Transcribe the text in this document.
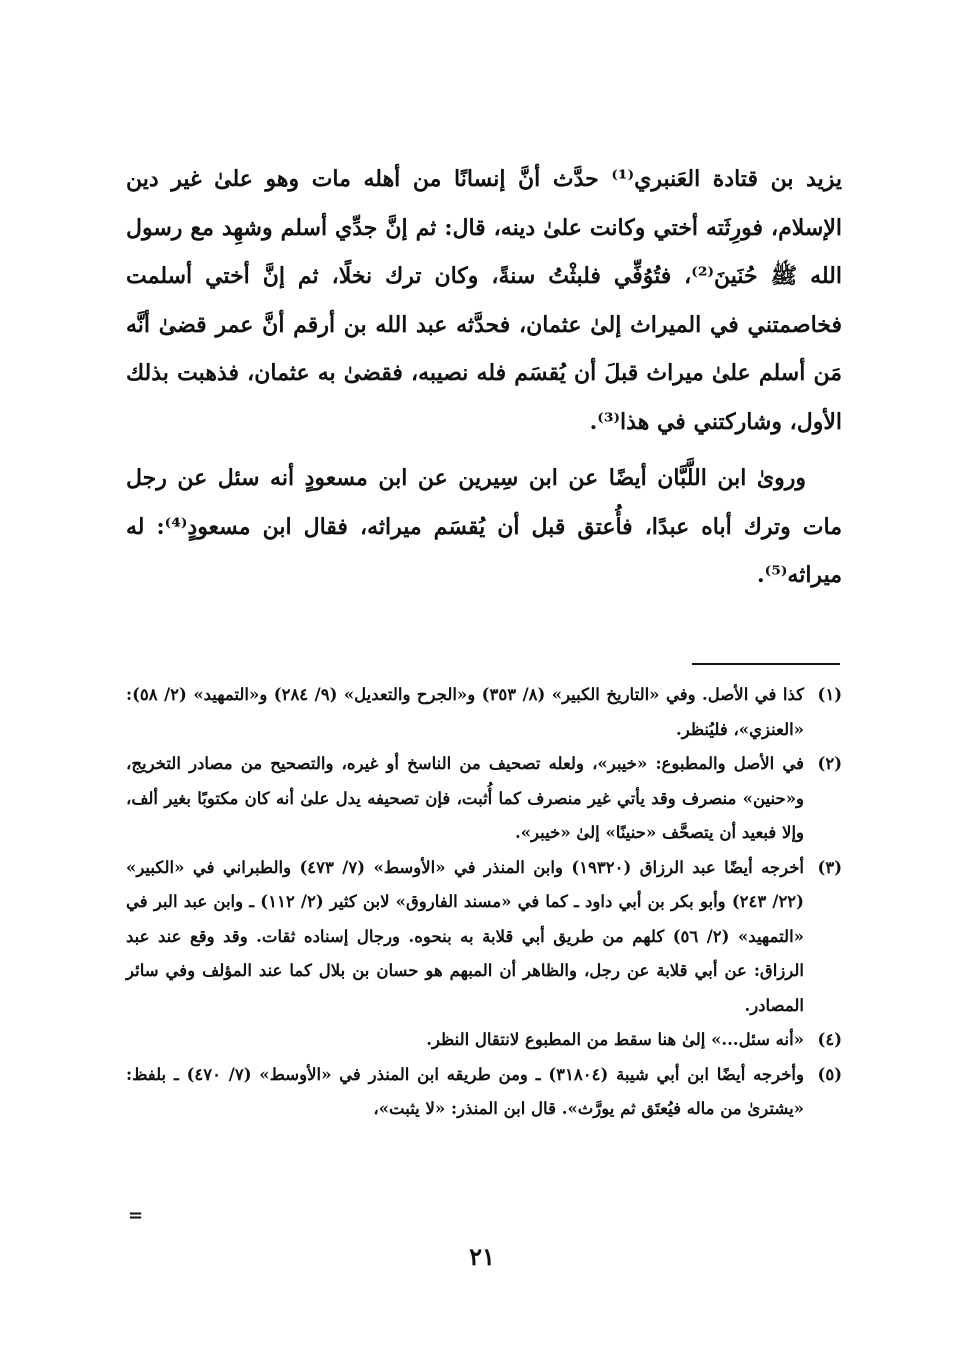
يزيد بن قتادة العَنبري⁽¹⁾ حدَّث أنَّ إنسانًا من أهله مات وهو علىٰ غير دين الإسلام، فورِثَته أختي وكانت علىٰ دينه، قال: ثم إنَّ جدِّي أسلم وشهِد مع رسول الله ﷺ حُنَينَ⁽²⁾، فتُوُفِّي فلبثْتُ سنةً، وكان ترك نخلًا، ثم إنَّ أختي أسلمت فخاصمتني في الميراث إلىٰ عثمان، فحدَّثه عبد الله بن أرقم أنَّ عمر قضىٰ أنَّه مَن أسلم علىٰ ميراث قبلَ أن يُقسَم فله نصيبه، فقضىٰ به عثمان، فذهبت بذلك الأول، وشاركتني في هذا⁽³⁾.

وروىٰ ابن اللَّبَّان أيضًا عن ابن سِيرين عن ابن مسعودٍ أنه سئل عن رجل مات وترك أباه عبدًا، فأُعتق قبل أن يُقسَم ميراثه، فقال ابن مسعودٍ⁽⁴⁾: له ميراثه⁽⁵⁾.

(١)
كذا في الأصل. وفي «التاريخ الكبير» (٨/ ٣٥٣) و«الجرح والتعديل» (٩/ ٢٨٤) و«التمهيد» (٢/ ٥٨): «العنزي»، فليُنظر.
(٢)
في الأصل والمطبوع: «خيبر»، ولعله تصحيف من الناسخ أو غيره، والتصحيح من مصادر التخريج، و«حنين» منصرف وقد يأتي غير منصرف كما أُثبت، فإن تصحيفه يدل علىٰ أنه كان مكتوبًا بغير ألف، وإلا فبعيد أن يتصحَّف «حنينًا» إلىٰ «خيبر».
(٣)
أخرجه أيضًا عبد الرزاق (١٩٣٢٠) وابن المنذر في «الأوسط» (٧/ ٤٧٣) والطبراني في «الكبير» (٢٢/ ٢٤٣) وأبو بكر بن أبي داود ـ كما في «مسند الفاروق» لابن كثير (٢/ ١١٢) ـ وابن عبد البر في «التمهيد» (٢/ ٥٦) كلهم من طريق أبي قلابة به بنحوه. ورجال إسناده ثقات. وقد وقع عند عبد الرزاق: عن أبي قلابة عن رجل، والظاهر أن المبهم هو حسان بن بلال كما عند المؤلف وفي سائر المصادر.
(٤)
«أنه سئل...» إلىٰ هنا سقط من المطبوع لانتقال النظر.
(٥)
وأخرجه أيضًا ابن أبي شيبة (٣١٨٠٤) ـ ومن طريقه ابن المنذر في «الأوسط» (٧/ ٤٧٠) ـ بلفظ: «يشترىٰ من ماله فيُعتَق ثم يورَّث». قال ابن المنذر: «لا يثبت»،
=
٢١
